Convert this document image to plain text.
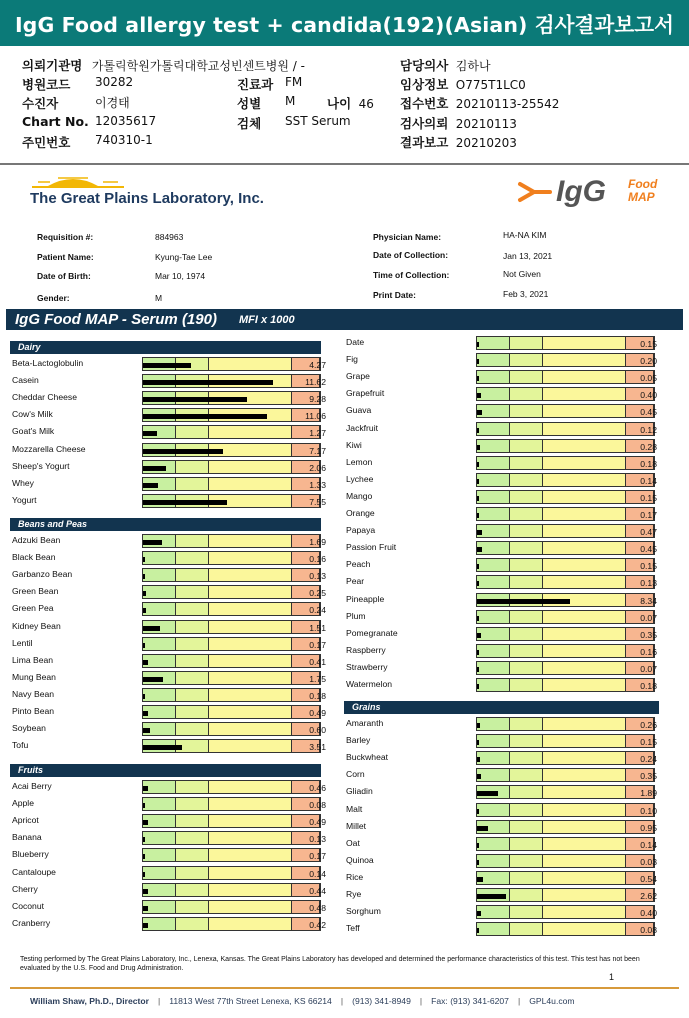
IgG Food allergy test + candida(192)(Asian) 검사결과보고서
의뢰기관명 가톨릭학원가톨릭대학교성빈센트병원 / -	담당의사 김하나
병원코드 30282	진료과 FM	임상정보 O775T1LC0
수진자	이경태	성별 M	나이 46 접수번호 20210113-25542
Chart No. 12035617	검체 SST Serum	검사의뢰 20210113
주민번호 740310-1	결과보고 20210203
The Great Plains Laboratory, Inc.	IgG Food
MAP
Requisition #:	884963
Patient Name:	Kyung-Tae Lee
Date of Birth:	Mar 10, 1974
Gender:	M
Physician Name:	HA-NA KIM
Date of Collection:	Jan 13, 2021
Time of Collection:	Not Given
Print Date:	Feb 3, 2021
IgG Food MAP - Serum (190) MFI x 1000
Dairy
Beta-Lactoglobulin	4.27
Casein	11.62
Cheddar Cheese	9.28
Cow's Milk	11.06
Goat's Milk	1.27
Mozzarella Cheese	7.17
Sheep's Yogurt	2.06
Whey	1.33
Yogurt	7.55
Beans and Peas
Adzuki Bean	1.69
Black Bean	0.16
Garbanzo Bean	0.13
Green Bean	0.25
Green Pea	0.24
Kidney Bean	1.51
Lentil	0.17
Lima Bean	0.41
Mung Bean	1.75
Navy Bean	0.18
Pinto Bean	0.49
Soybean	0.60
Tofu	3.51
Fruits
Acai Berry	0.46
Apple	0.08
Apricot	0.49
Banana	0.13
Blueberry	0.17
Cantaloupe	0.14
Cherry	0.44
Coconut	0.48
Cranberry	0.42
Date	0.15
Fig	0.20
Grape	0.05
Grapefruit	0.40
Guava	0.45
Jackfruit	0.12
Kiwi	0.28
Lemon	0.18
Lychee	0.14
Mango	0.15
Orange	0.17
Papaya	0.47
Passion Fruit	0.45
Peach	0.15
Pear	0.13
Pineapple	8.34
Plum	0.07
Pomegranate	0.35
Raspberry	0.16
Strawberry	0.07
Watermelon	0.18
Grains
Amaranth	0.26
Barley	0.15
Buckwheat	0.24
Corn	0.35
Gliadin	1.89
Malt	0.10
Millet	0.95
Oat	0.14
Quinoa	0.03
Rice	0.54
Rye	2.62
Sorghum	0.40
Teff	0.08
Testing performed by The Great Plains Laboratory, Inc., Lenexa, Kansas. The Great Plains Laboratory has developed and determined the performance characteristics of this test. This test has not been evaluated by the U.S. Food and Drug Administration.
1
William Shaw, Ph.D., Director | 11813 West 77th Street Lenexa, KS 66214 | (913) 341-8949 | Fax: (913) 341-6207 | GPL4u.com
